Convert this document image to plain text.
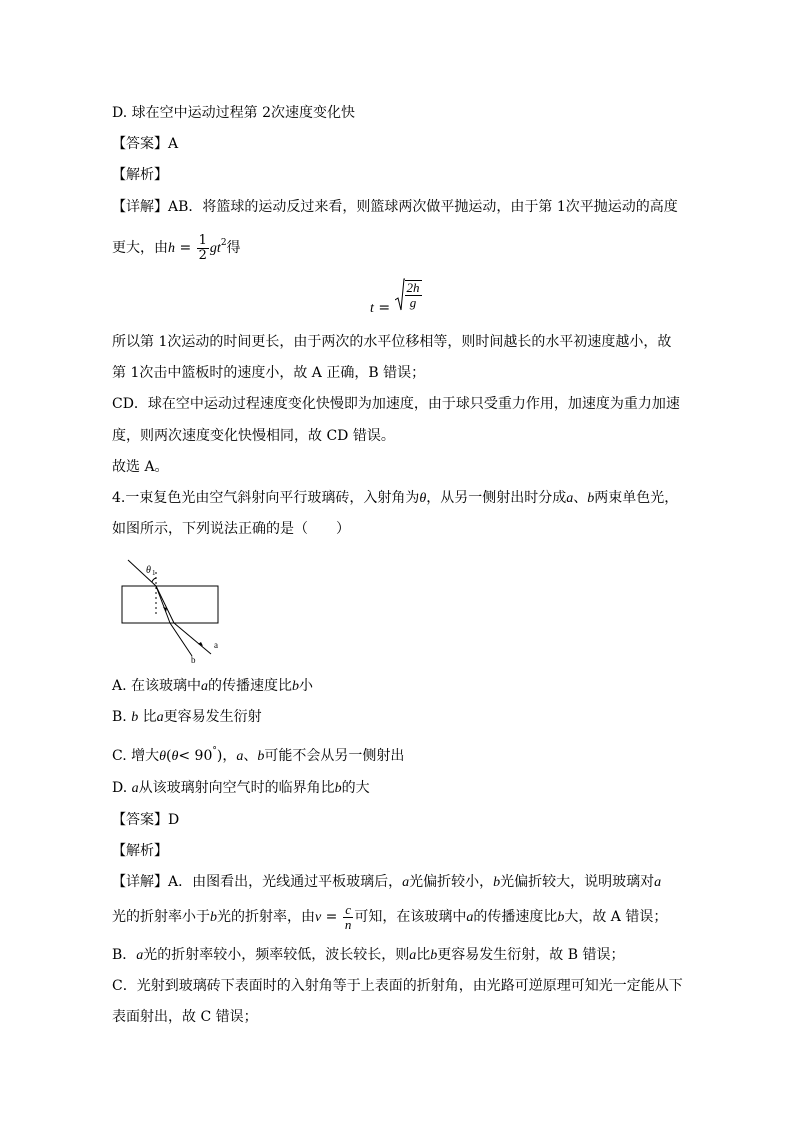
D. 球在空中运动过程第 2次速度变化快
【答案】A
【解析】
【详解】AB．将篮球的运动反过来看，则篮球两次做平抛运动，由于第 1次平抛运动的高度
更大，由$h = \frac{1}{2} gt^2$得
$t = \frac{2h}{g}$
所以第 1次运动的时间更长，由于两次的水平位移相等，则时间越长的水平初速度越小，故
第 1次击中篮板时的速度小，故 A 正确，B 错误；
CD．球在空中运动过程速度变化快慢即为加速度，由于球只受重力作用，加速度为重力加速
度，则两次速度变化快慢相同，故 CD 错误。
故选 A。
4.一束复色光由空气斜射向平行玻璃砖，入射角为θ，从另一侧射出时分成a、b两束单色光，
如图所示，下列说法正确的是（　　）
θ 1
a
b
A. 在该玻璃中a的传播速度比b小
B. b 比a更容易发生衍射
C. 增大θ(θ< 90°)，a、b可能不会从另一侧射出
D. a从该玻璃射向空气时的临界角比b的大
【答案】D
【解析】
【详解】A．由图看出，光线通过平板玻璃后，a光偏折较小，b光偏折较大，说明玻璃对a
光的折射率小于b光的折射率，由$v = \frac{c}{n}$ 可知，在该玻璃中a的传播速度比b大，故 A 错误；
B．a光的折射率较小，频率较低，波长较长，则a比b更容易发生衍射，故 B 错误；
C．光射到玻璃砖下表面时的入射角等于上表面的折射角，由光路可逆原理可知光一定能从下
表面射出，故 C 错误；
